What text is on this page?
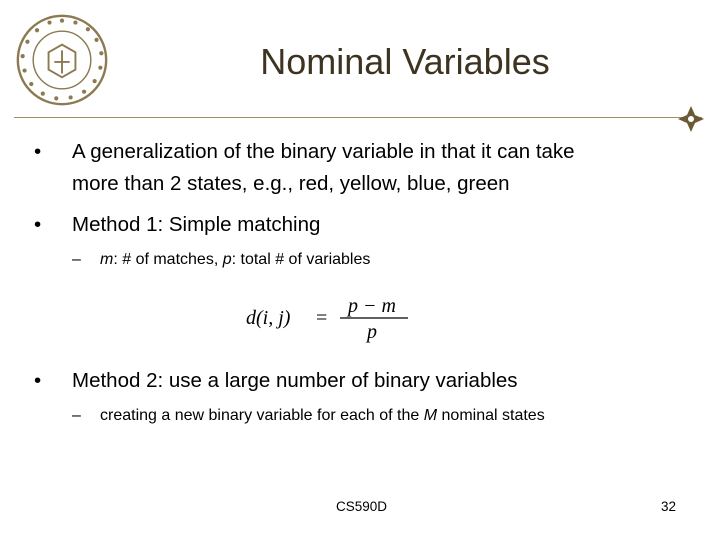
Nominal Variables
• A generalization of the binary variable in that it can take
more than 2 states, e.g., red, yellow, blue, green
• Method 1: Simple matching
– m: # of matches, p: total # of variables
d(i, j) =
p − m
p
• Method 2: use a large number of binary variables
– creating a new binary variable for each of the M nominal states
CS590D	32
